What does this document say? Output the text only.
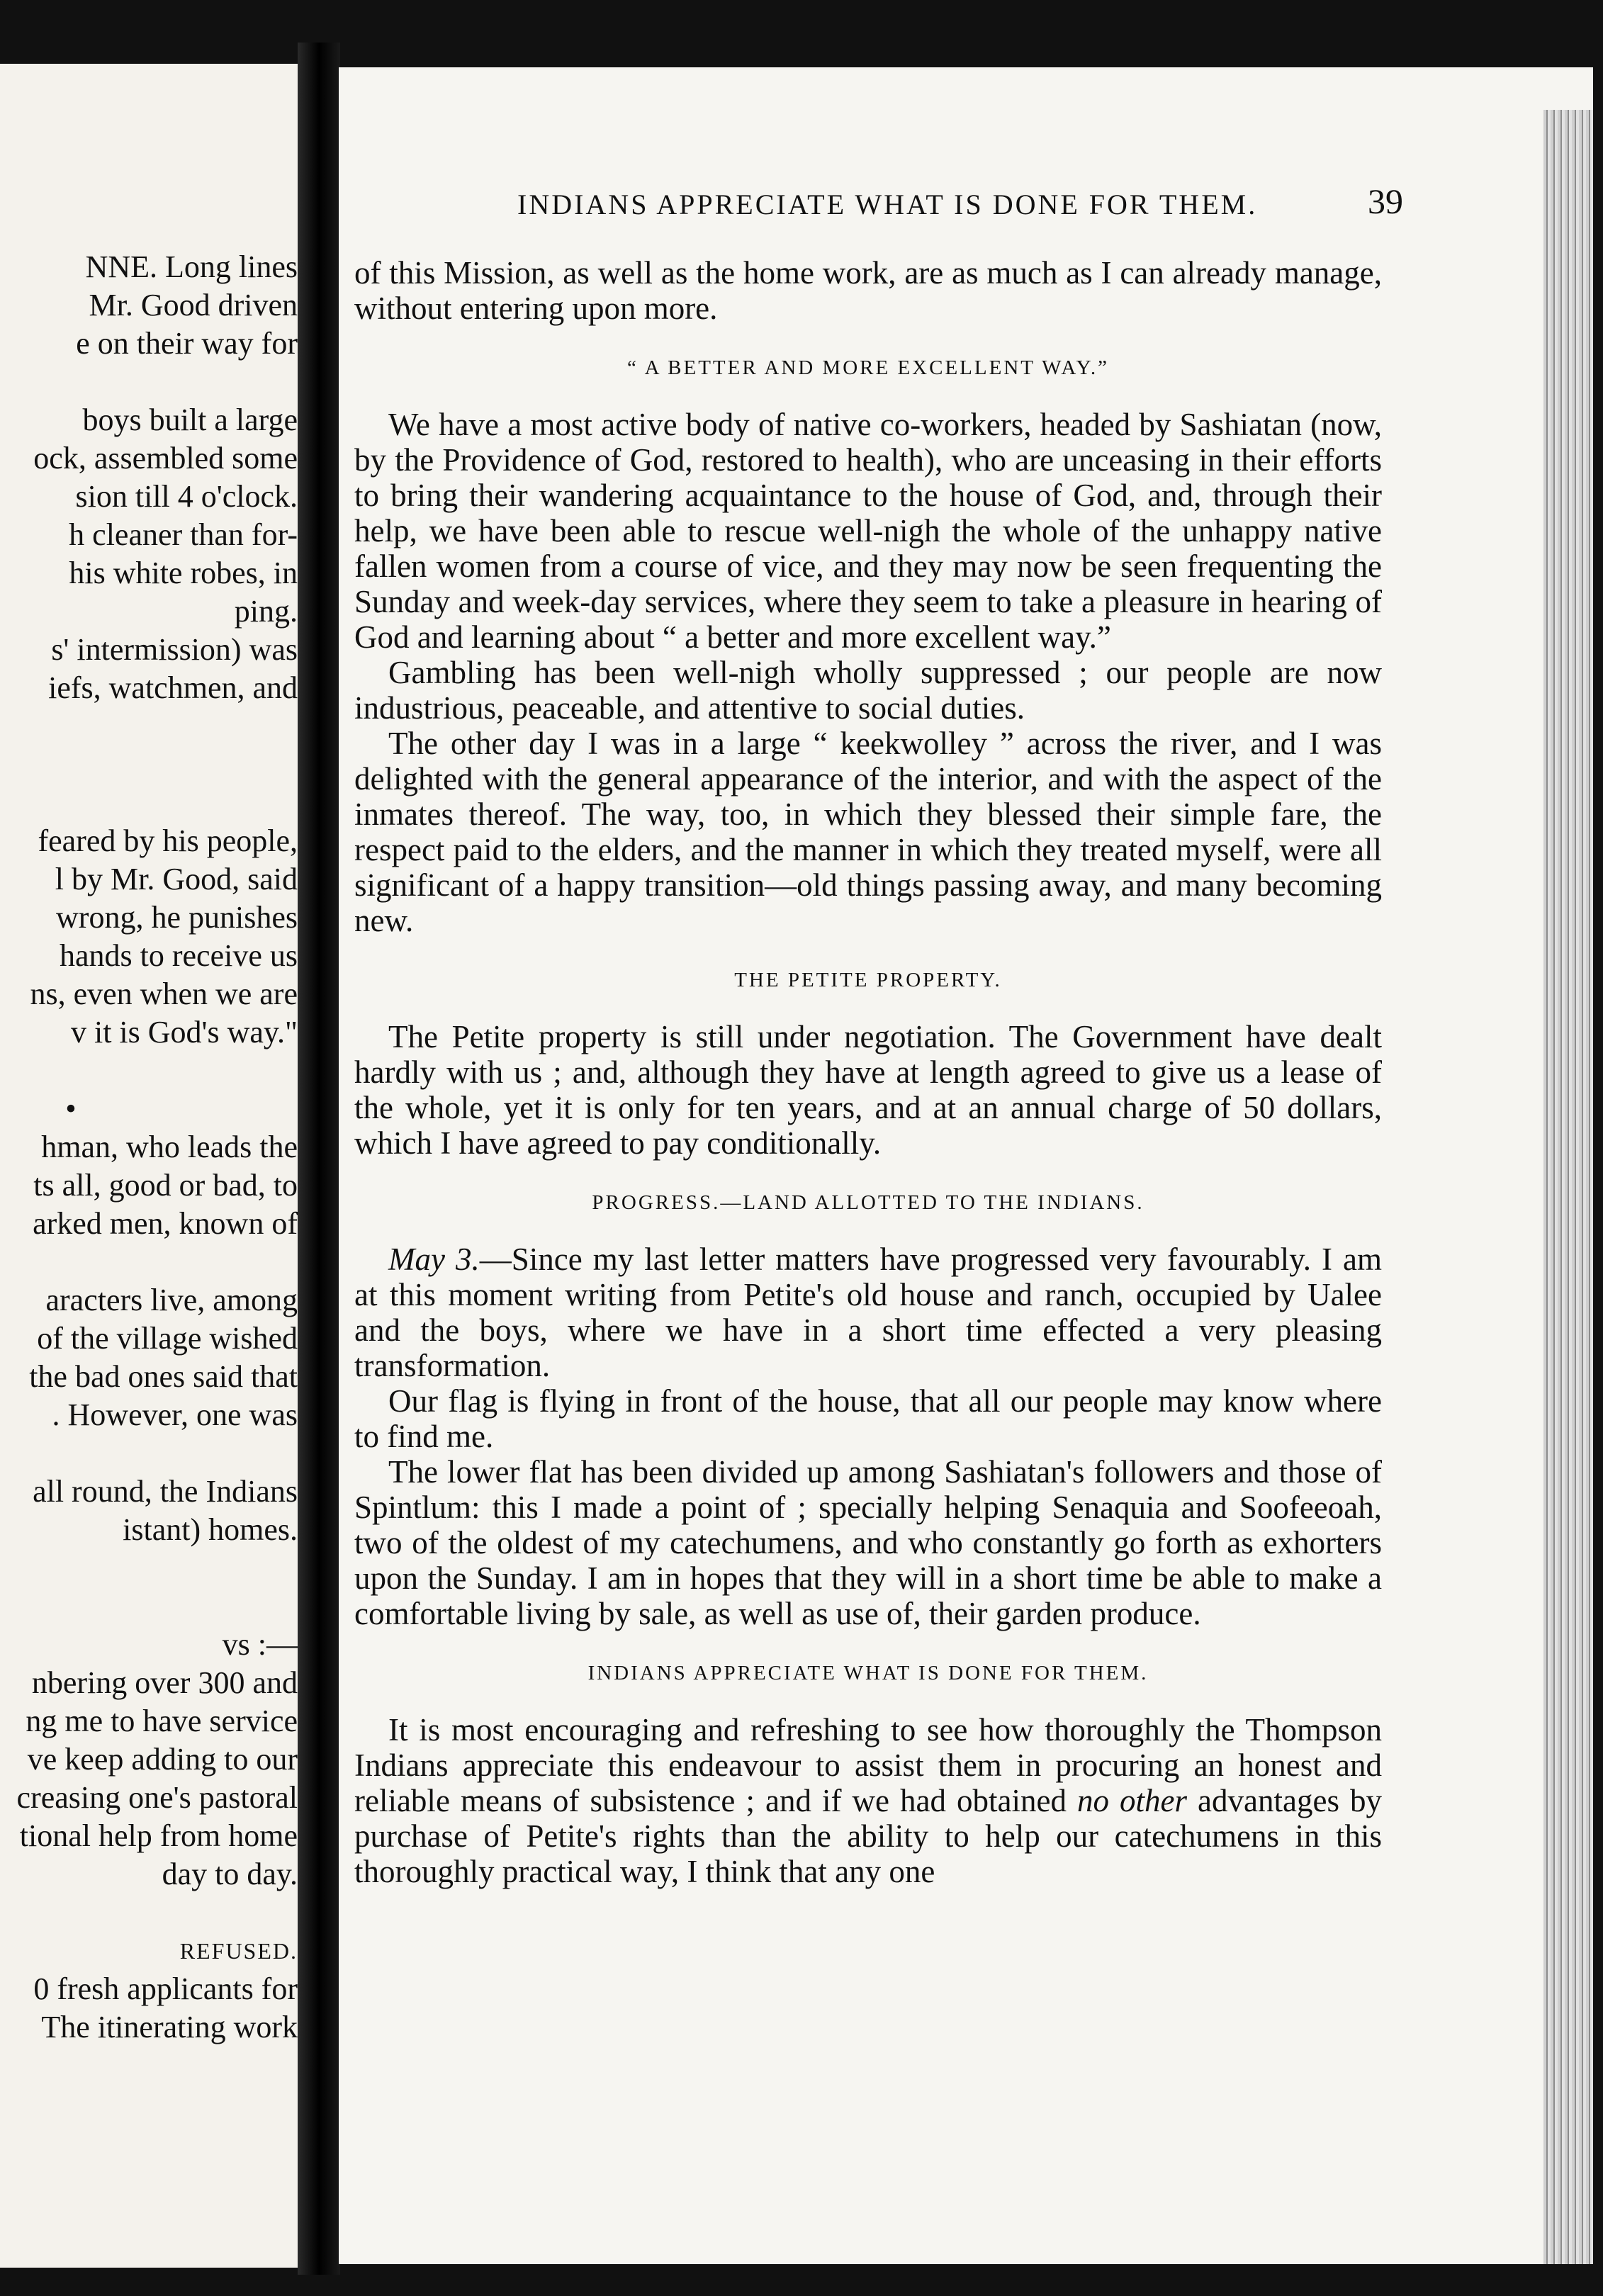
NNE. Long lines
Mr. Good driven
e on their way for
boys built a large
ock, assembled some
sion till 4 o'clock.
h cleaner than for-
his white robes, in
ping.
s' intermission) was
iefs, watchmen, and
feared by his people,
l by Mr. Good, said
wrong, he punishes
hands to receive us
ns, even when we are
v it is God's way."
•
hman, who leads the
ts all, good or bad, to
arked men, known of
aracters live, among
of the village wished
the bad ones said that
. However, one was
all round, the Indians
istant) homes.
vs :—
nbering over 300 and
ng me to have service
ve keep adding to our
creasing one's pastoral
tional help from home
day to day.
REFUSED.
0 fresh applicants for
The itinerating work
INDIANS APPRECIATE WHAT IS DONE FOR THEM.	39

of this Mission, as well as the home work, are as much as I can already manage, without entering upon more.

“ A BETTER AND MORE EXCELLENT WAY.”

We have a most active body of native co-workers, headed by Sashiatan (now, by the Providence of God, restored to health), who are unceasing in their efforts to bring their wandering acquaintance to the house of God, and, through their help, we have been able to rescue well-nigh the whole of the unhappy native fallen women from a course of vice, and they may now be seen frequenting the Sunday and week-day services, where they seem to take a pleasure in hearing of God and learning about “ a better and more excellent way.”

Gambling has been well-nigh wholly suppressed ; our people are now industrious, peaceable, and attentive to social duties.

The other day I was in a large “ keekwolley ” across the river, and I was delighted with the general appearance of the interior, and with the aspect of the inmates thereof. The way, too, in which they blessed their simple fare, the respect paid to the elders, and the manner in which they treated myself, were all significant of a happy transition—old things passing away, and many becoming new.

THE PETITE PROPERTY.

The Petite property is still under negotiation. The Government have dealt hardly with us ; and, although they have at length agreed to give us a lease of the whole, yet it is only for ten years, and at an annual charge of 50 dollars, which I have agreed to pay conditionally.

PROGRESS.—LAND ALLOTTED TO THE INDIANS.

May 3.—Since my last letter matters have progressed very favourably. I am at this moment writing from Petite's old house and ranch, occupied by Ualee and the boys, where we have in a short time effected a very pleasing transformation.

Our flag is flying in front of the house, that all our people may know where to find me.

The lower flat has been divided up among Sashiatan's followers and those of Spintlum: this I made a point of ; specially helping Senaquia and Soofeeoah, two of the oldest of my catechumens, and who constantly go forth as exhorters upon the Sunday. I am in hopes that they will in a short time be able to make a comfortable living by sale, as well as use of, their garden produce.

INDIANS APPRECIATE WHAT IS DONE FOR THEM.

It is most encouraging and refreshing to see how thoroughly the Thompson Indians appreciate this endeavour to assist them in procuring an honest and reliable means of subsistence ; and if we had obtained no other advantages by purchase of Petite's rights than the ability to help our catechumens in this thoroughly practical way, I think that any one
